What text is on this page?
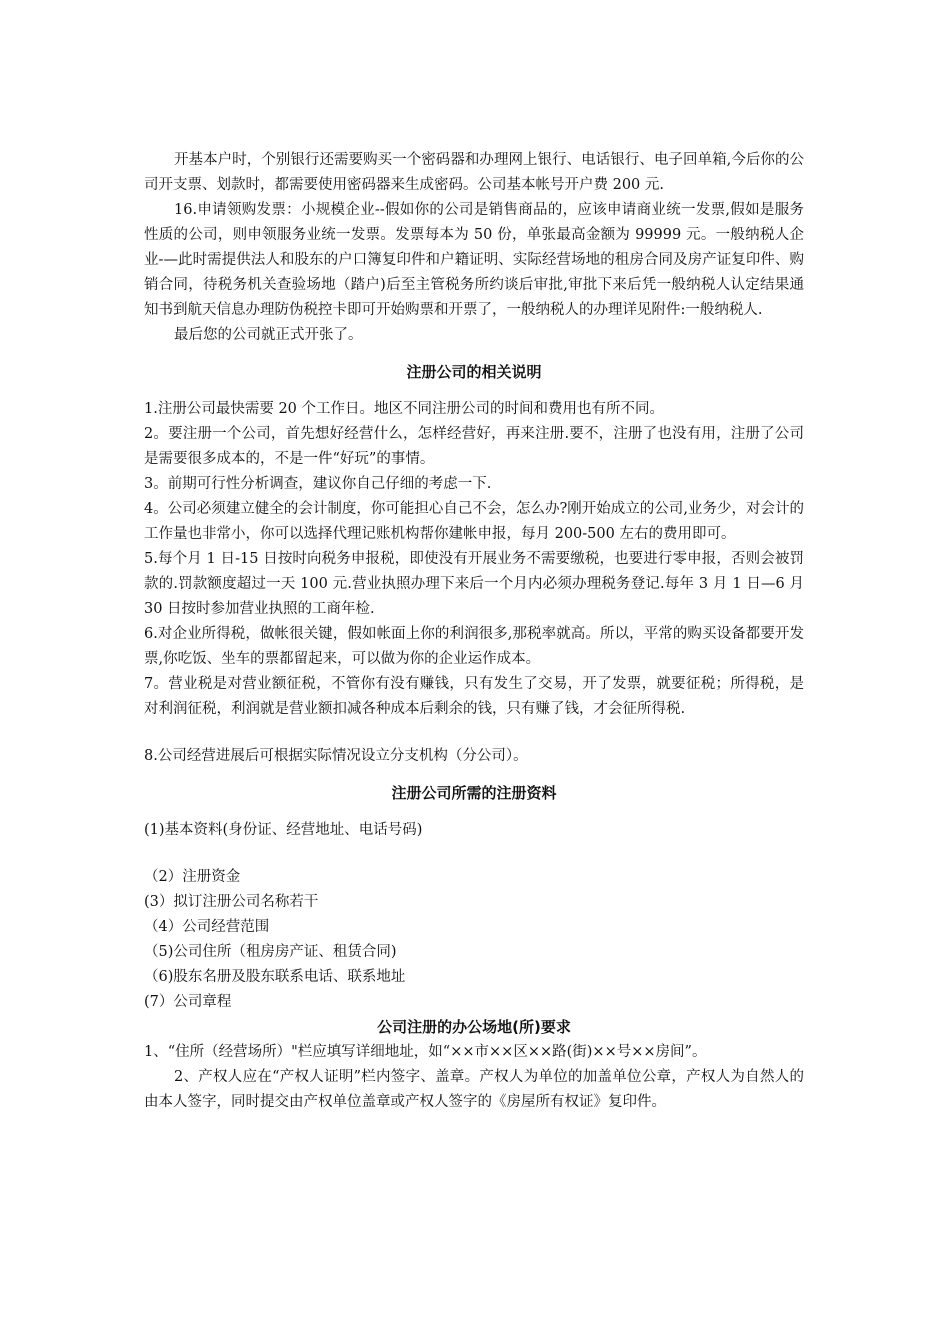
开基本户时，个别银行还需要购买一个密码器和办理网上银行、电话银行、电子回单箱,今后你的公司开支票、划款时，都需要使用密码器来生成密码。公司基本帐号开户费 200 元.

16.申请领购发票：小规模企业--假如你的公司是销售商品的，应该申请商业统一发票,假如是服务性质的公司，则申领服务业统一发票。发票每本为 50 份，单张最高金额为 99999 元。一般纳税人企业-—此时需提供法人和股东的户口簿复印件和户籍证明、实际经营场地的租房合同及房产证复印件、购销合同，待税务机关查验场地（踏户)后至主管税务所约谈后审批,审批下来后凭一般纳税人认定结果通知书到航天信息办理防伪税控卡即可开始购票和开票了，一般纳税人的办理详见附件:一般纳税人.

最后您的公司就正式开张了。

注册公司的相关说明

1.注册公司最快需要 20 个工作日。地区不同注册公司的时间和费用也有所不同。

2。要注册一个公司，首先想好经营什么，怎样经营好，再来注册.要不，注册了也没有用，注册了公司是需要很多成本的，不是一件“好玩”的事情。

3。前期可行性分析调查，建议你自己仔细的考虑一下.

4。公司必须建立健全的会计制度，你可能担心自己不会，怎么办?刚开始成立的公司,业务少，对会计的工作量也非常小，你可以选择代理记账机构帮你建帐申报，每月 200-500 左右的费用即可。

5.每个月 1 日-15 日按时向税务申报税，即使没有开展业务不需要缴税，也要进行零申报，否则会被罚款的.罚款额度超过一天 100 元.营业执照办理下来后一个月内必须办理税务登记.每年 3 月 1 日—6 月 30 日按时参加营业执照的工商年检.

6.对企业所得税，做帐很关键，假如帐面上你的利润很多,那税率就高。所以，平常的购买设备都要开发票,你吃饭、坐车的票都留起来，可以做为你的企业运作成本。

7。营业税是对营业额征税，不管你有没有赚钱，只有发生了交易，开了发票，就要征税；所得税，是对利润征税，利润就是营业额扣减各种成本后剩余的钱，只有赚了钱，才会征所得税.

8.公司经营进展后可根据实际情况设立分支机构（分公司）。

注册公司所需的注册资料

(1)基本资料(身份证、经营地址、电话号码)

（2）注册资金

(3）拟订注册公司名称若干

（4）公司经营范围

（5)公司住所（租房房产证、租赁合同)

（6)股东名册及股东联系电话、联系地址

(7）公司章程

公司注册的办公场地(所)要求

1、“住所（经营场所）"栏应填写详细地址，如“××市××区××路(街)××号××房间”。

2、产权人应在“产权人证明”栏内签字、盖章。产权人为单位的加盖单位公章，产权人为自然人的由本人签字，同时提交由产权单位盖章或产权人签字的《房屋所有权证》复印件。
